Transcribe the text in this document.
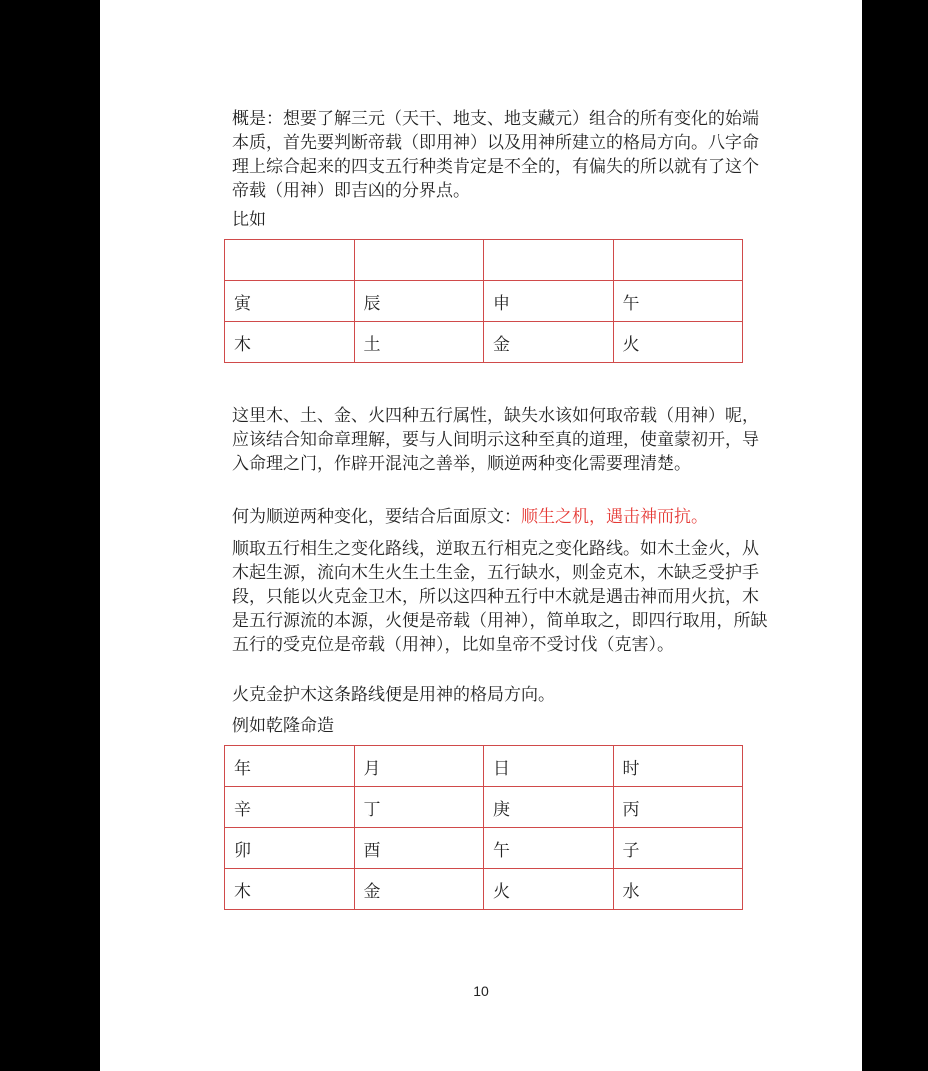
概是：想要了解三元（天干、地支、地支藏元）组合的所有变化的始端本质，首先要判断帝载（即用神）以及用神所建立的格局方向。八字命理上综合起来的四支五行种类肯定是不全的，有偏失的所以就有了这个帝载（用神）即吉凶的分界点。

比如

寅	辰	申	午
木	土	金	火

这里木、土、金、火四种五行属性，缺失水该如何取帝载（用神）呢，应该结合知命章理解，要与人间明示这种至真的道理，使童蒙初开，导入命理之门，作辟开混沌之善举，顺逆两种变化需要理清楚。

何为顺逆两种变化，要结合后面原文：顺生之机，遇击神而抗。

顺取五行相生之变化路线，逆取五行相克之变化路线。如木土金火，从木起生源，流向木生火生土生金，五行缺水，则金克木，木缺乏受护手段，只能以火克金卫木，所以这四种五行中木就是遇击神而用火抗，木是五行源流的本源，火便是帝载（用神），简单取之，即四行取用，所缺五行的受克位是帝载（用神），比如皇帝不受讨伐（克害）。

火克金护木这条路线便是用神的格局方向。

例如乾隆命造

年	月	日	时
辛	丁	庚	丙
卯	酉	午	子
木	金	火	水
10
